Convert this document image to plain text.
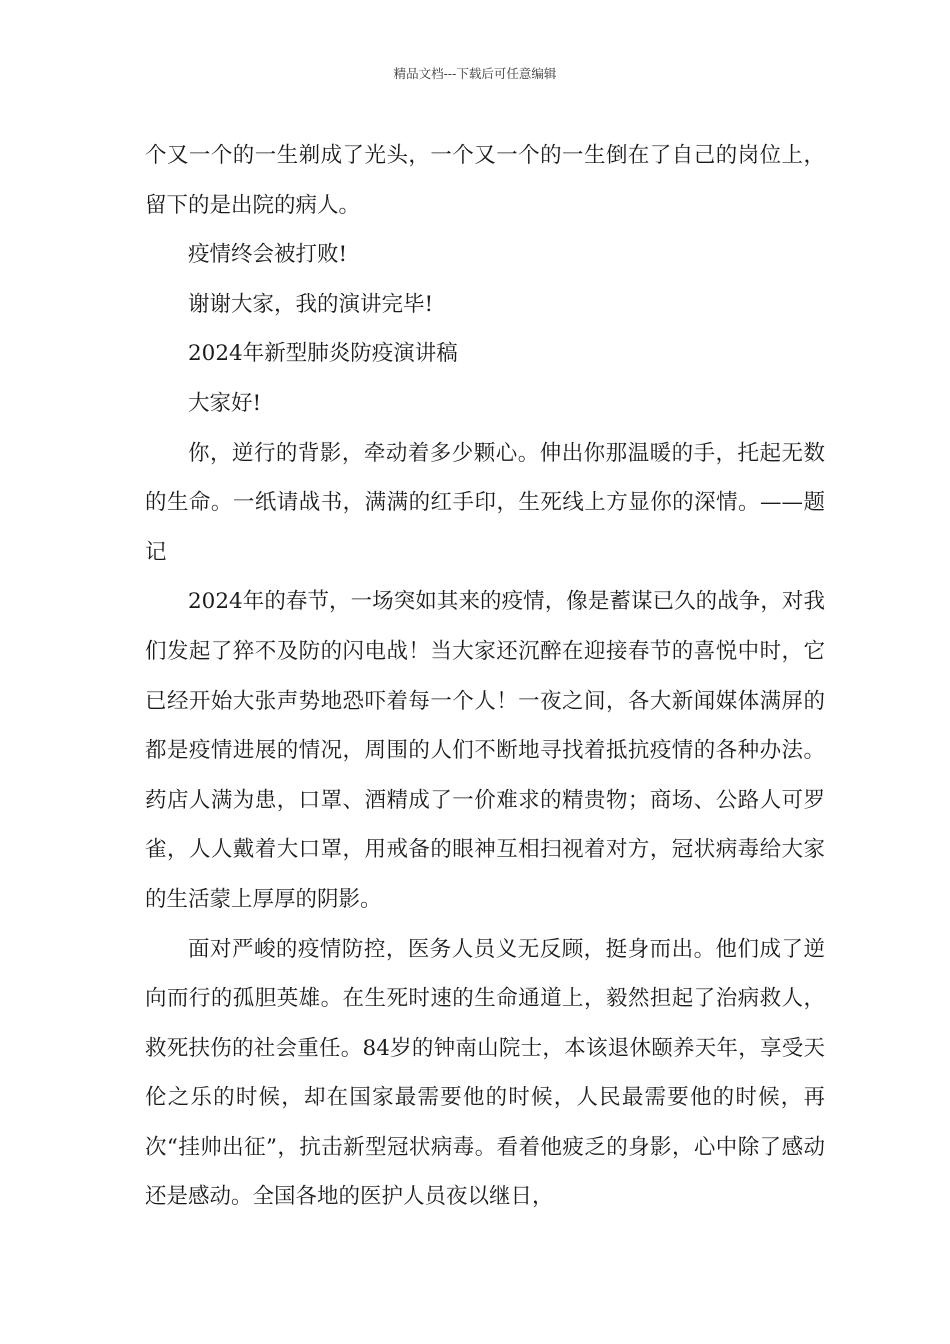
精品文档---下载后可任意编辑

个又一个的一生剃成了光头，一个又一个的一生倒在了自己的岗位上，留下的是出院的病人。

疫情终会被打败!

谢谢大家，我的演讲完毕!

2024年新型肺炎防疫演讲稿

大家好!

你，逆行的背影，牵动着多少颗心。伸出你那温暖的手，托起无数的生命。一纸请战书，满满的红手印，生死线上方显你的深情。——题记

2024年的春节，一场突如其来的疫情，像是蓄谋已久的战争，对我们发起了猝不及防的闪电战！当大家还沉醉在迎接春节的喜悦中时，它已经开始大张声势地恐吓着每一个人！一夜之间，各大新闻媒体满屏的都是疫情进展的情况，周围的人们不断地寻找着抵抗疫情的各种办法。药店人满为患，口罩、酒精成了一价难求的精贵物；商场、公路人可罗雀，人人戴着大口罩，用戒备的眼神互相扫视着对方，冠状病毒给大家的生活蒙上厚厚的阴影。

面对严峻的疫情防控，医务人员义无反顾，挺身而出。他们成了逆向而行的孤胆英雄。在生死时速的生命通道上，毅然担起了治病救人，救死扶伤的社会重任。84岁的钟南山院士，本该退休颐养天年，享受天伦之乐的时候，却在国家最需要他的时候，人民最需要他的时候，再次“挂帅出征”，抗击新型冠状病毒。看着他疲乏的身影，心中除了感动还是感动。全国各地的医护人员夜以继日，
